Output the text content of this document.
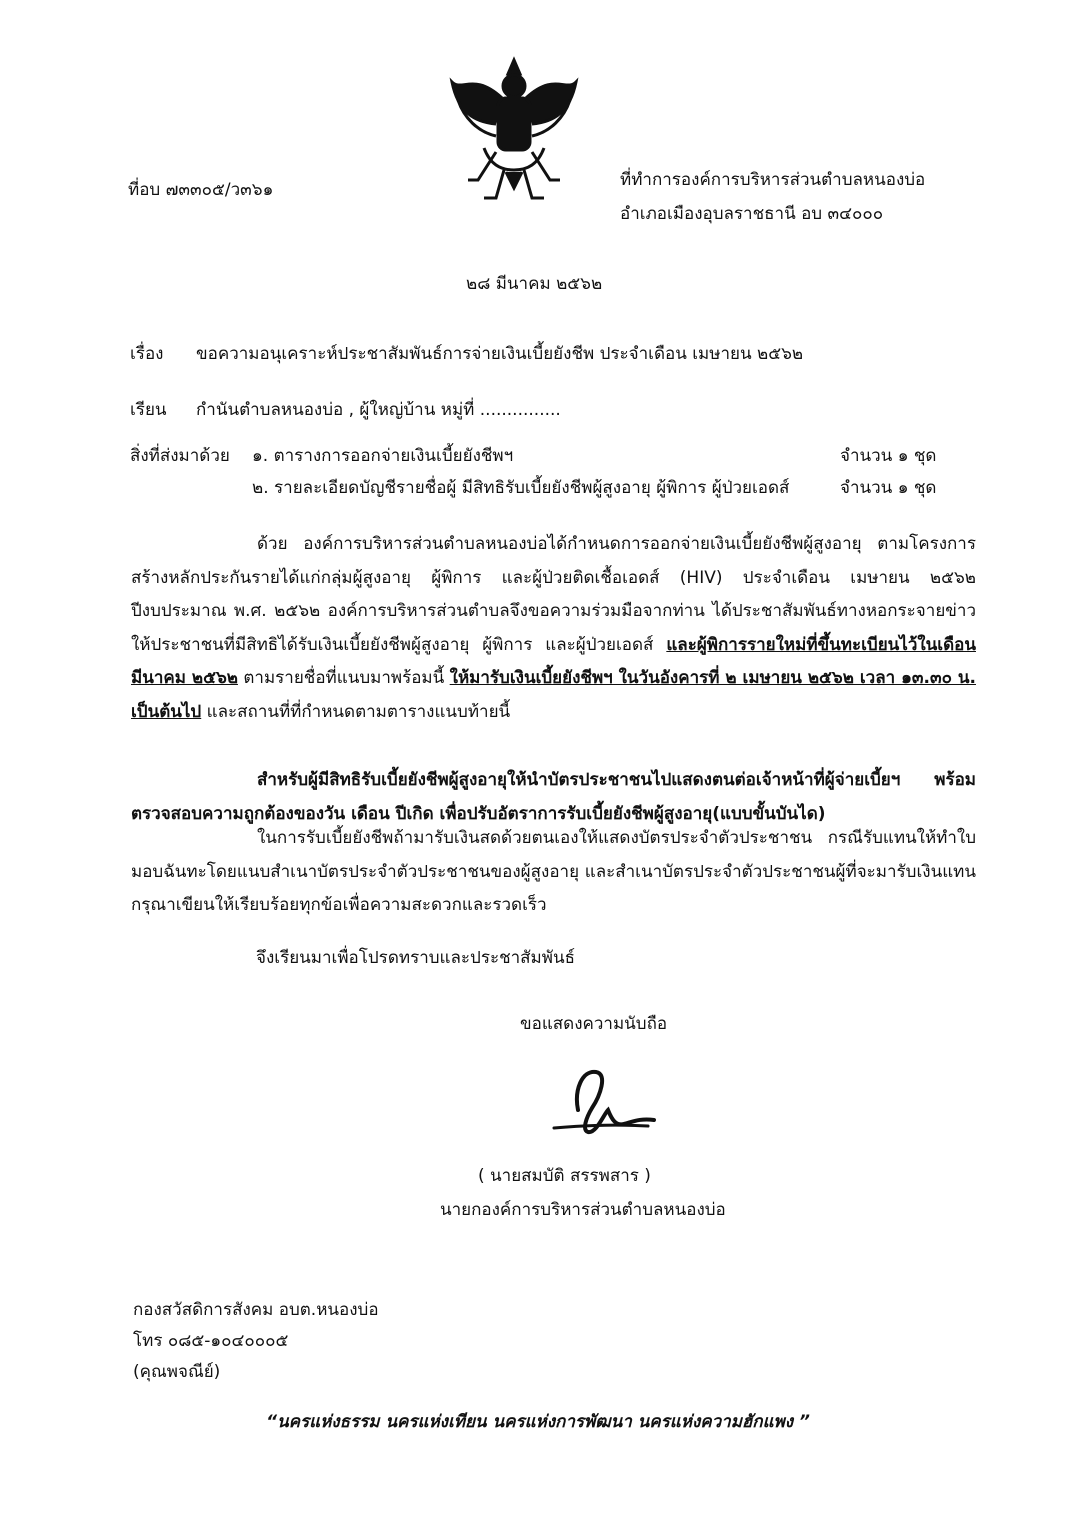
ที่อบ ๗๓๓๐๕/ว๓๖๑	ที่ทำการองค์การบริหารส่วนตำบลหนองบ่อ
อำเภอเมืองอุบลราชธานี อบ ๓๔๐๐๐
๒๘ มีนาคม ๒๕๖๒
เรื่อง ขอความอนุเคราะห์ประชาสัมพันธ์การจ่ายเงินเบี้ยยังชีพ ประจำเดือน เมษายน ๒๕๖๒
เรียน กำนันตำบลหนองบ่อ , ผู้ใหญ่บ้าน หมู่ที่ ...............
สิ่งที่ส่งมาด้วย ๑. ตารางการออกจ่ายเงินเบี้ยยังชีพฯ	จำนวน ๑ ชุด
๒. รายละเอียดบัญชีรายชื่อผู้ มีสิทธิรับเบี้ยยังชีพผู้สูงอายุ ผู้พิการ ผู้ป่วยเอดส์	จำนวน ๑ ชุด
ด้วย องค์การบริหารส่วนตำบลหนองบ่อได้กำหนดการออกจ่ายเงินเบี้ยยังชีพผู้สูงอายุ ตามโครงการสร้างหลักประกันรายได้แก่กลุ่มผู้สูงอายุ ผู้พิการ และผู้ป่วยติดเชื้อเอดส์ (HIV) ประจำเดือน เมษายน ๒๕๖๒ ปีงบประมาณ พ.ศ. ๒๕๖๒ องค์การบริหารส่วนตำบลจึงขอความร่วมมือจากท่าน ได้ประชาสัมพันธ์ทางหอกระจายข่าว ให้ประชาชนที่มีสิทธิได้รับเงินเบี้ยยังชีพผู้สูงอายุ ผู้พิการ และผู้ป่วยเอดส์ และผู้พิการรายใหม่ที่ขึ้นทะเบียนไว้ในเดือนมีนาคม ๒๕๖๒ ตามรายชื่อที่แนบมาพร้อมนี้ ให้มารับเงินเบี้ยยังชีพฯ ในวันอังคารที่ ๒ เมษายน ๒๕๖๒ เวลา ๑๓.๓๐ น. เป็นต้นไป และสถานที่ที่กำหนดตามตารางแนบท้ายนี้
สำหรับผู้มีสิทธิรับเบี้ยยังชีพผู้สูงอายุให้นำบัตรประชาชนไปแสดงตนต่อเจ้าหน้าที่ผู้จ่ายเบี้ยฯ พร้อมตรวจสอบความถูกต้องของวัน เดือน ปีเกิด เพื่อปรับอัตราการรับเบี้ยยังชีพผู้สูงอายุ(แบบขั้นบันได)
ในการรับเบี้ยยังชีพถ้ามารับเงินสดด้วยตนเองให้แสดงบัตรประจำตัวประชาชน กรณีรับแทนให้ทำใบมอบฉันทะโดยแนบสำเนาบัตรประจำตัวประชาชนของผู้สูงอายุ และสำเนาบัตรประจำตัวประชาชนผู้ที่จะมารับเงินแทน กรุณาเขียนให้เรียบร้อยทุกข้อเพื่อความสะดวกและรวดเร็ว
จึงเรียนมาเพื่อโปรดทราบและประชาสัมพันธ์
ขอแสดงความนับถือ
( นายสมบัติ สรรพสาร )
นายกองค์การบริหารส่วนตำบลหนองบ่อ
กองสวัสดิการสังคม อบต.หนองบ่อ
โทร ๐๘๕-๑๐๔๐๐๐๕
(คุณพจณีย์)
“นครแห่งธรรม นครแห่งเทียน นครแห่งการพัฒนา นครแห่งความฮักแพง ”
